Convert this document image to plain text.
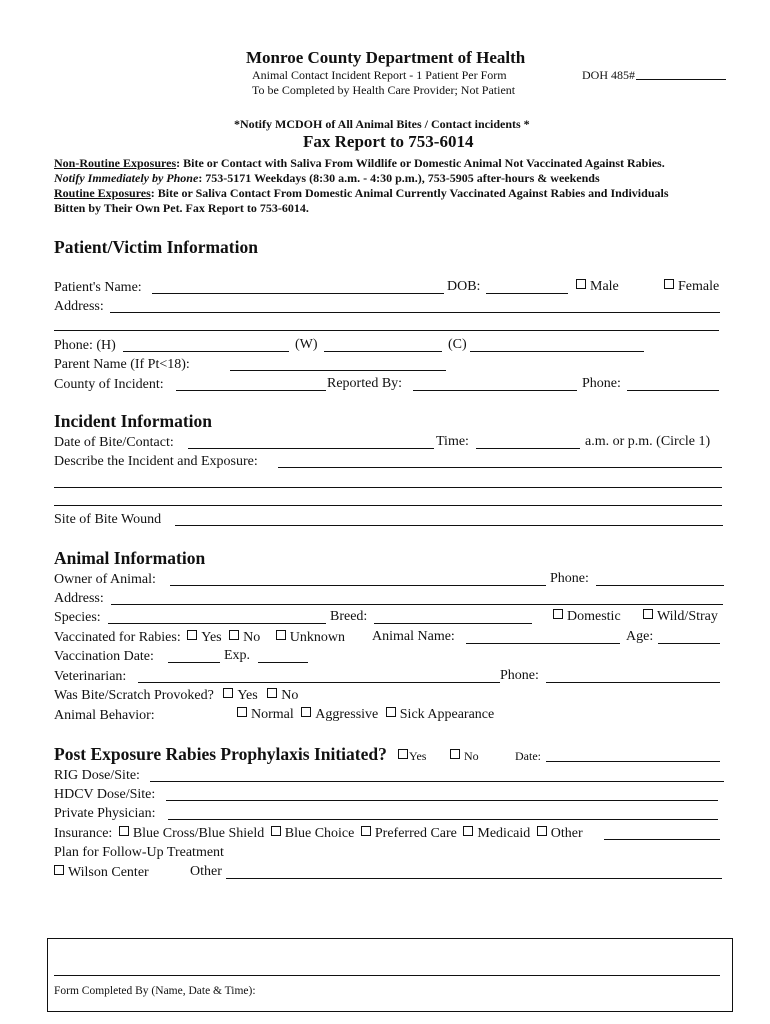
Monroe County Department of Health
Animal Contact Incident Report - 1 Patient Per Form
To be Completed by Health Care Provider; Not Patient
DOH 485#
*Notify MCDOH of All Animal Bites / Contact incidents *
Fax Report to 753-6014
Non-Routine Exposures: Bite or Contact with Saliva From Wildlife or Domestic Animal Not Vaccinated Against Rabies.
Notify Immediately by Phone: 753-5171 Weekdays (8:30 a.m. - 4:30 p.m.), 753-5905 after-hours & weekends
Routine Exposures: Bite or Saliva Contact From Domestic Animal Currently Vaccinated Against Rabies and Individuals
Bitten by Their Own Pet. Fax Report to 753-6014.
Patient/Victim Information
Patient's Name:	DOB:	Male	Female
Address:
Phone: (H)	(W)	(C)
Parent Name (If Pt<18):
County of Incident:	Reported By:	Phone:
Incident Information
Date of Bite/Contact:	Time:	a.m. or p.m. (Circle 1)
Describe the Incident and Exposure:
Site of Bite Wound
Animal Information
Owner of Animal:	Phone:
Address:
Species:	Breed:	Domestic	Wild/Stray
Vaccinated for Rabies: Yes No Unknown Animal Name:	Age:
Vaccination Date:	Exp.
Veterinarian:	Phone:
Was Bite/Scratch Provoked? Yes No
Animal Behavior:	Normal Aggressive Sick Appearance
Post Exposure Rabies Prophylaxis Initiated?	Yes	No	Date:
RIG Dose/Site:
HDCV Dose/Site:
Private Physician:
Insurance: Blue Cross/Blue Shield Blue Choice Preferred Care Medicaid Other
Plan for Follow-Up Treatment
Wilson Center	Other
Form Completed By (Name, Date & Time):
